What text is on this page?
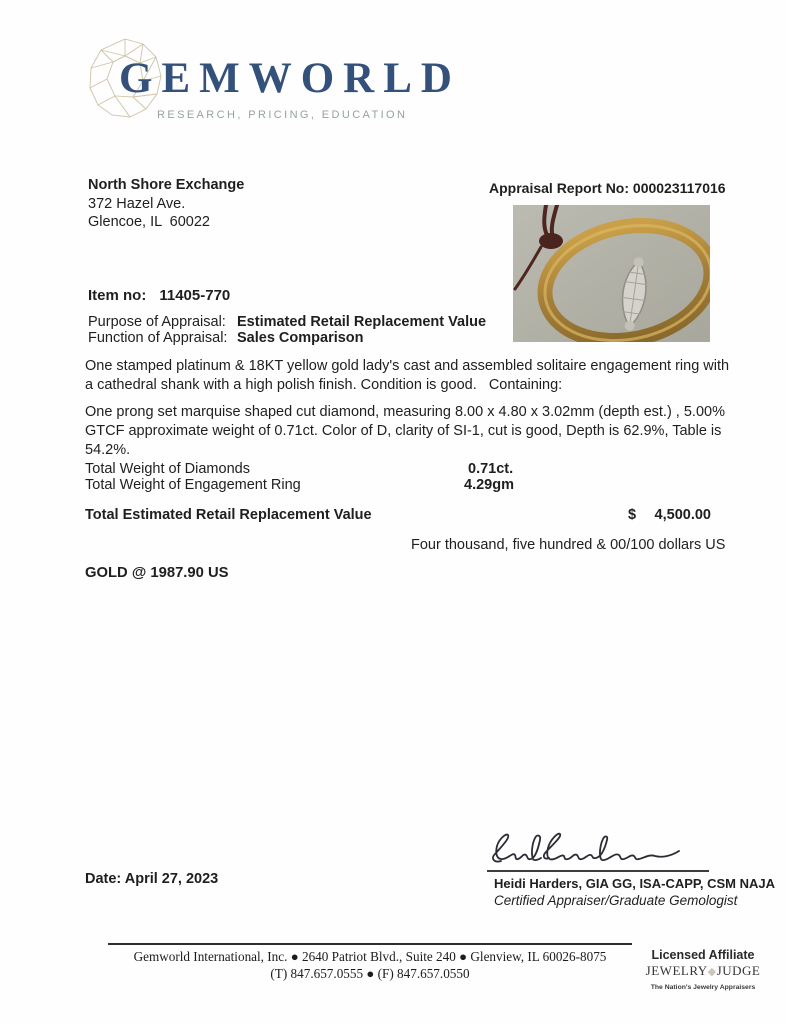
GEMWORLD
RESEARCH, PRICING, EDUCATION
North Shore Exchange
372 Hazel Ave.
Glencoe, IL  60022
Appraisal Report No: 000023117016
Item no: 11405-770
Purpose of Appraisal: Estimated Retail Replacement Value
Function of Appraisal: Sales Comparison
One stamped platinum & 18KT yellow gold lady's cast and assembled solitaire engagement ring with a cathedral shank with a high polish finish. Condition is good.   Containing:
One prong set marquise shaped cut diamond, measuring 8.00 x 4.80 x 3.02mm (depth est.) , 5.00% GTCF approximate weight of 0.71ct. Color of D, clarity of SI-1, cut is good, Depth is 62.9%, Table is 54.2%.
Total Weight of Diamonds	0.71ct.
Total Weight of Engagement Ring	4.29gm
Total Estimated Retail Replacement Value	$ 4,500.00
Four thousand, five hundred & 00/100 dollars US
GOLD @ 1987.90 US
Date: April 27, 2023	Heidi Harders, GIA GG, ISA-CAPP, CSM NAJA
Certified Appraiser/Graduate Gemologist
Gemworld International, Inc. ● 2640 Patriot Blvd., Suite 240 ● Glenview, IL 60026-8075
(T) 847.657.0555 ● (F) 847.657.0550
Licensed Affiliate
JEWELRY◆JUDGE
The Nation's Jewelry Appraisers
